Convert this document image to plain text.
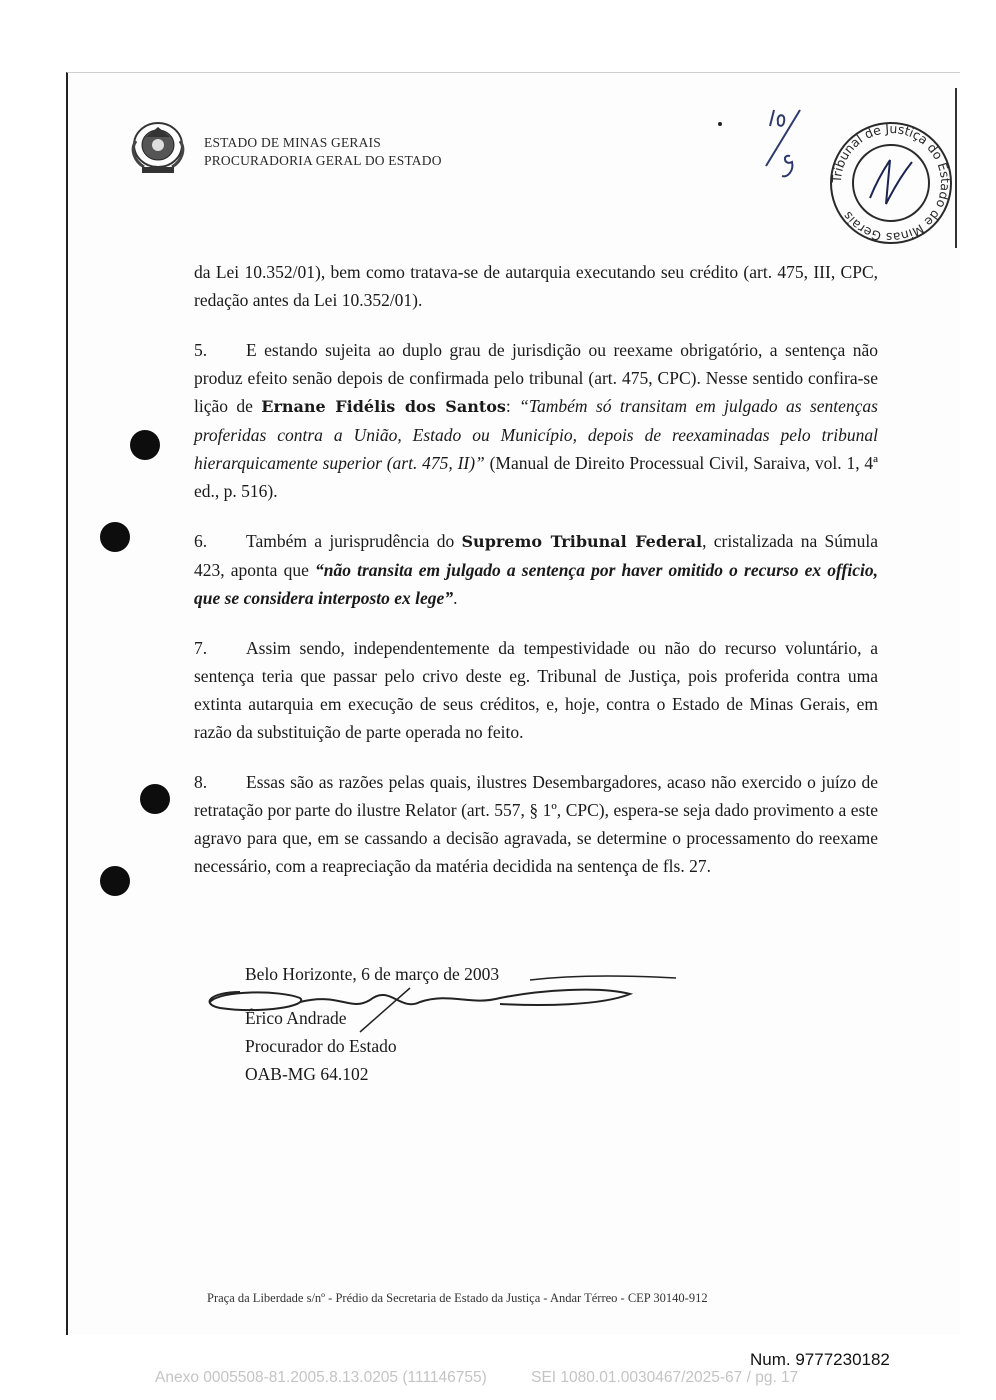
ESTADO DE MINAS GERAIS
PROCURADORIA GERAL DO ESTADO
Tribunal de Justiça do Estado de Minas Gerais

da Lei 10.352/01), bem como tratava-se de autarquia executando seu crédito (art. 475, III, CPC, redação antes da Lei 10.352/01).

5. E estando sujeita ao duplo grau de jurisdição ou reexame obrigatório, a sentença não produz efeito senão depois de confirmada pelo tribunal (art. 475, CPC). Nesse sentido confira-se lição de Ernane Fidélis dos Santos: “Também só transitam em julgado as sentenças proferidas contra a União, Estado ou Município, depois de reexaminadas pelo tribunal hierarquicamente superior (art. 475, II)” (Manual de Direito Processual Civil, Saraiva, vol. 1, 4ª ed., p. 516).

6. Também a jurisprudência do Supremo Tribunal Federal, cristalizada na Súmula 423, aponta que “não transita em julgado a sentença por haver omitido o recurso ex officio, que se considera interposto ex lege”.

7. Assim sendo, independentemente da tempestividade ou não do recurso voluntário, a sentença teria que passar pelo crivo deste eg. Tribunal de Justiça, pois proferida contra uma extinta autarquia em execução de seus créditos, e, hoje, contra o Estado de Minas Gerais, em razão da substituição de parte operada no feito.

8. Essas são as razões pelas quais, ilustres Desembargadores, acaso não exercido o juízo de retratação por parte do ilustre Relator (art. 557, § 1º, CPC), espera-se seja dado provimento a este agravo para que, em se cassando a decisão agravada, se determine o processamento do reexame necessário, com a reapreciação da matéria decidida na sentença de fls. 27.

Belo Horizonte, 6 de março de 2003
Érico Andrade
Procurador do Estado
OAB-MG 64.102
Praça da Liberdade s/nº - Prédio da Secretaria de Estado da Justiça - Andar Térreo - CEP 30140-912
Num. 9777230182
Anexo 0005508-81.2005.8.13.0205 (111146755)	SEI 1080.01.0030467/2025-67 / pg. 17
